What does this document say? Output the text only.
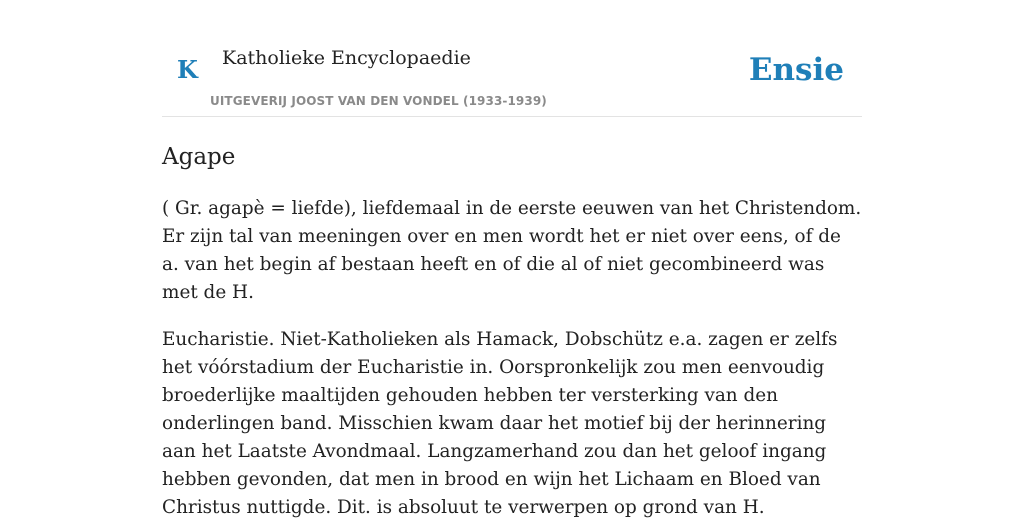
K Katholieke Encyclopaedie
UITGEVERIJ JOOST VAN DEN VONDEL (1933-1939)
Ensie
Agape

( Gr. agapè = liefde), liefdemaal in de eerste eeuwen van het Christendom. Er zijn tal van meeningen over en men wordt het er niet over eens, of de a. van het begin af bestaan heeft en of die al of niet gecombineerd was met de H.

Eucharistie. Niet-Katholieken als Hamack, Dobschütz e.a. zagen er zelfs het vóórstadium der Eucharistie in. Oorspronkelijk zou men eenvoudig broederlijke maaltijden gehouden hebben ter versterking van den onderlingen band. Misschien kwam daar het motief bij der herinnering aan het Laatste Avondmaal. Langzamerhand zou dan het geloof ingang hebben gevonden, dat men in brood en wijn het Lichaam en Bloed van Christus nuttigde. Dit. is absoluut te verwerpen op grond van H.
